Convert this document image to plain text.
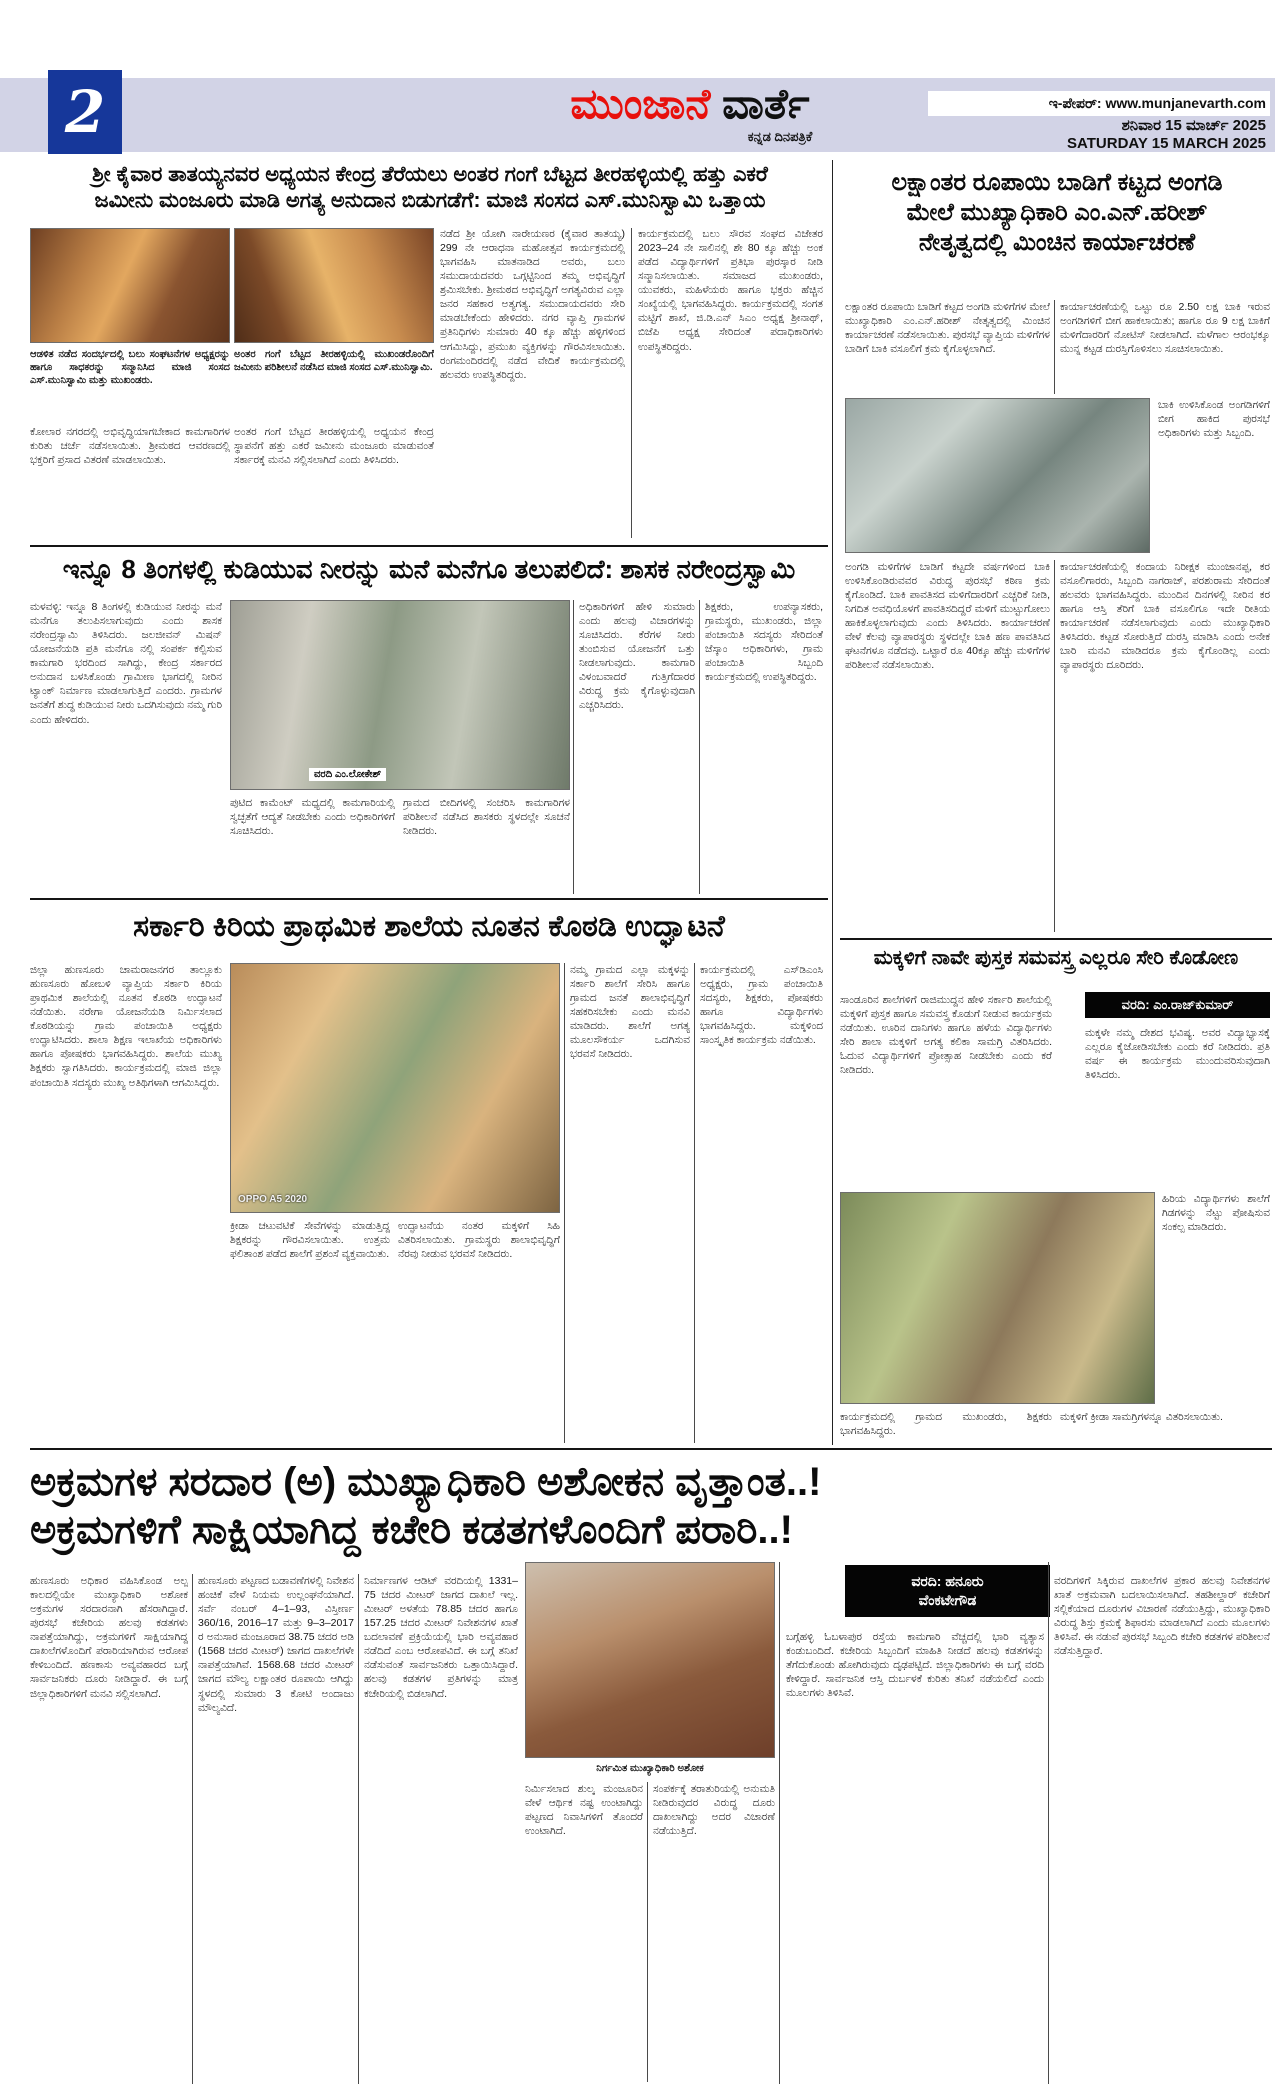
2	ಮುಂಜಾನೆ ವಾರ್ತೆ
ಕನ್ನಡ ದಿನಪತ್ರಿಕೆ
ಇ-ಪೇಪರ್: www.munjanevarth.com
ಶನಿವಾರ 15 ಮಾರ್ಚ್ 2025
SATURDAY 15 MARCH 2025
ಶ್ರೀ ಕೈವಾರ ತಾತಯ್ಯನವರ ಅಧ್ಯಯನ ಕೇಂದ್ರ ತೆರೆಯಲು ಅಂತರ ಗಂಗೆ ಬೆಟ್ಟದ ತೀರಹಳ್ಳಿಯಲ್ಲಿ ಹತ್ತು ಎಕರೆ
ಜಮೀನು ಮಂಜೂರು ಮಾಡಿ ಅಗತ್ಯ ಅನುದಾನ ಬಿಡುಗಡೆಗೆ: ಮಾಜಿ ಸಂಸದ ಎಸ್.ಮುನಿಸ್ವಾಮಿ ಒತ್ತಾಯ
ಆಡಳಿತ ನಡೆದ ಸಂದರ್ಭದಲ್ಲಿ ಬಲು ಸಂಘಟನೆಗಳ ಅಧ್ಯಕ್ಷರನ್ನು ಹಾಗೂ ಸಾಧಕರನ್ನು ಸನ್ಮಾನಿಸಿದ ಮಾಜಿ ಸಂಸದ ಎಸ್.ಮುನಿಸ್ವಾಮಿ ಮತ್ತು ಮುಖಂಡರು.
ಅಂತರ ಗಂಗೆ ಬೆಟ್ಟದ ತೀರಹಳ್ಳಿಯಲ್ಲಿ ಮುಖಂಡರೊಂದಿಗೆ ಜಮೀನು ಪರಿಶೀಲನೆ ನಡೆಸಿದ ಮಾಜಿ ಸಂಸದ ಎಸ್.ಮುನಿಸ್ವಾಮಿ.
ಕೋಲಾರ ನಗರದಲ್ಲಿ ಅಭಿವೃದ್ಧಿಯಾಗಬೇಕಾದ ಕಾಮಗಾರಿಗಳ ಕುರಿತು ಚರ್ಚೆ ನಡೆಸಲಾಯಿತು. ಶ್ರೀಮಠದ ಆವರಣದಲ್ಲಿ ಭಕ್ತರಿಗೆ ಪ್ರಸಾದ ವಿತರಣೆ ಮಾಡಲಾಯಿತು.
ಅಂತರ ಗಂಗೆ ಬೆಟ್ಟದ ತೀರಹಳ್ಳಿಯಲ್ಲಿ ಅಧ್ಯಯನ ಕೇಂದ್ರ ಸ್ಥಾಪನೆಗೆ ಹತ್ತು ಎಕರೆ ಜಮೀನು ಮಂಜೂರು ಮಾಡುವಂತೆ ಸರ್ಕಾರಕ್ಕೆ ಮನವಿ ಸಲ್ಲಿಸಲಾಗಿದೆ ಎಂದು ತಿಳಿಸಿದರು.
ನಡೆದ ಶ್ರೀ ಯೋಗಿ ನಾರೇಯಣರ (ಕೈವಾರ ತಾತಯ್ಯ) 299 ನೇ ಆರಾಧನಾ ಮಹೋತ್ಸವ ಕಾರ್ಯಕ್ರಮದಲ್ಲಿ ಭಾಗವಹಿಸಿ ಮಾತನಾಡಿದ ಅವರು, ಬಲು ಸಮುದಾಯದವರು ಒಗ್ಗಟ್ಟಿನಿಂದ ತಮ್ಮ ಅಭಿವೃದ್ಧಿಗೆ ಶ್ರಮಿಸಬೇಕು. ಶ್ರೀಮಠದ ಅಭಿವೃದ್ಧಿಗೆ ಅಗತ್ಯವಿರುವ ಎಲ್ಲಾ ಜನರ ಸಹಕಾರ ಅತ್ಯಗತ್ಯ. ಸಮುದಾಯದವರು ಸೇರಿ ಮಾಡಬೇಕೆಂದು ಹೇಳಿದರು. ನಗರ ವ್ಯಾಪ್ತಿ ಗ್ರಾಮಗಳ ಪ್ರತಿನಿಧಿಗಳು ಸುಮಾರು 40 ಕ್ಕೂ ಹೆಚ್ಚು ಹಳ್ಳಿಗಳಿಂದ ಆಗಮಿಸಿದ್ದು, ಪ್ರಮುಖ ವ್ಯಕ್ತಿಗಳನ್ನು ಗೌರವಿಸಲಾಯಿತು. ರಂಗಮಂದಿರದಲ್ಲಿ ನಡೆದ ವೇದಿಕೆ ಕಾರ್ಯಕ್ರಮದಲ್ಲಿ ಹಲವರು ಉಪಸ್ಥಿತರಿದ್ದರು.
ಕಾರ್ಯಕ್ರಮದಲ್ಲಿ ಬಲು ಸೌರವ ಸಂಘದ ವಿಜೇತರ 2023–24 ನೇ ಸಾಲಿನಲ್ಲಿ ಶೇ 80 ಕ್ಕೂ ಹೆಚ್ಚು ಅಂಕ ಪಡೆದ ವಿದ್ಯಾರ್ಥಿಗಳಿಗೆ ಪ್ರತಿಭಾ ಪುರಸ್ಕಾರ ನೀಡಿ ಸನ್ಮಾನಿಸಲಾಯಿತು. ಸಮಾಜದ ಮುಖಂಡರು, ಯುವಕರು, ಮಹಿಳೆಯರು ಹಾಗೂ ಭಕ್ತರು ಹೆಚ್ಚಿನ ಸಂಖ್ಯೆಯಲ್ಲಿ ಭಾಗವಹಿಸಿದ್ದರು. ಕಾರ್ಯಕ್ರಮದಲ್ಲಿ ಸಂಗತ ಮಟ್ಟಿಗೆ ಶಾಖೆ, ಜಿ.ಡಿ.ಎನ್ ಸಿಎಂ ಅಧ್ಯಕ್ಷ ಶ್ರೀನಾಥ್, ಬಿಜೆಪಿ ಅಧ್ಯಕ್ಷ ಸೇರಿದಂತೆ ಪದಾಧಿಕಾರಿಗಳು ಉಪಸ್ಥಿತರಿದ್ದರು.
ಲಕ್ಷಾಂತರ ರೂಪಾಯಿ ಬಾಡಿಗೆ ಕಟ್ಟದ ಅಂಗಡಿ
ಮೇಲೆ ಮುಖ್ಯಾಧಿಕಾರಿ ಎಂ.ಎನ್.ಹರೀಶ್
ನೇತೃತ್ವದಲ್ಲಿ ಮಿಂಚಿನ ಕಾರ್ಯಾಚರಣೆ
ಲಕ್ಷಾಂತರ ರೂಪಾಯಿ ಬಾಡಿಗೆ ಕಟ್ಟದ ಅಂಗಡಿ ಮಳಿಗೆಗಳ ಮೇಲೆ ಮುಖ್ಯಾಧಿಕಾರಿ ಎಂ.ಎನ್.ಹರೀಶ್ ನೇತೃತ್ವದಲ್ಲಿ ಮಿಂಚಿನ ಕಾರ್ಯಾಚರಣೆ ನಡೆಸಲಾಯಿತು. ಪುರಸಭೆ ವ್ಯಾಪ್ತಿಯ ಮಳಿಗೆಗಳ ಬಾಡಿಗೆ ಬಾಕಿ ವಸೂಲಿಗೆ ಕ್ರಮ ಕೈಗೊಳ್ಳಲಾಗಿದೆ.
ಕಾರ್ಯಾಚರಣೆಯಲ್ಲಿ ಒಟ್ಟು ರೂ 2.50 ಲಕ್ಷ ಬಾಕಿ ಇರುವ ಅಂಗಡಿಗಳಿಗೆ ಬೀಗ ಹಾಕಲಾಯಿತು; ಹಾಗೂ ರೂ 9 ಲಕ್ಷ ಬಾಕಿಗೆ ಮಳಿಗೆದಾರರಿಗೆ ನೋಟಿಸ್ ನೀಡಲಾಗಿದೆ. ಮಳೆಗಾಲ ಆರಂಭಕ್ಕೂ ಮುನ್ನ ಕಟ್ಟಡ ದುರಸ್ತಿಗೊಳಿಸಲು ಸೂಚಿಸಲಾಯಿತು.
ಬಾಕಿ ಉಳಿಸಿಕೊಂಡ ಅಂಗಡಿಗಳಿಗೆ ಬೀಗ ಹಾಕಿದ ಪುರಸಭೆ ಅಧಿಕಾರಿಗಳು ಮತ್ತು ಸಿಬ್ಬಂದಿ.
ಅಂಗಡಿ ಮಳಿಗೆಗಳ ಬಾಡಿಗೆ ಕಟ್ಟದೇ ವರ್ಷಗಳಿಂದ ಬಾಕಿ ಉಳಿಸಿಕೊಂಡಿರುವವರ ವಿರುದ್ಧ ಪುರಸಭೆ ಕಠಿಣ ಕ್ರಮ ಕೈಗೊಂಡಿದೆ. ಬಾಕಿ ಪಾವತಿಸದ ಮಳಿಗೆದಾರರಿಗೆ ಎಚ್ಚರಿಕೆ ನೀಡಿ, ನಿಗದಿತ ಅವಧಿಯೊಳಗೆ ಪಾವತಿಸದಿದ್ದರೆ ಮಳಿಗೆ ಮುಟ್ಟುಗೋಲು ಹಾಕಿಕೊಳ್ಳಲಾಗುವುದು ಎಂದು ತಿಳಿಸಿದರು. ಕಾರ್ಯಾಚರಣೆ ವೇಳೆ ಕೆಲವು ವ್ಯಾಪಾರಸ್ಥರು ಸ್ಥಳದಲ್ಲೇ ಬಾಕಿ ಹಣ ಪಾವತಿಸಿದ ಘಟನೆಗಳೂ ನಡೆದವು. ಒಟ್ಟಾರೆ ರೂ 40ಕ್ಕೂ ಹೆಚ್ಚು ಮಳಿಗೆಗಳ ಪರಿಶೀಲನೆ ನಡೆಸಲಾಯಿತು.
ಕಾರ್ಯಾಚರಣೆಯಲ್ಲಿ ಕಂದಾಯ ನಿರೀಕ್ಷಕ ಮುಂಜಾನಪ್ಪ, ಕರ ವಸೂಲಿಗಾರರು, ಸಿಬ್ಬಂದಿ ನಾಗರಾಜ್, ಪರಶುರಾಮ ಸೇರಿದಂತೆ ಹಲವರು ಭಾಗವಹಿಸಿದ್ದರು. ಮುಂದಿನ ದಿನಗಳಲ್ಲಿ ನೀರಿನ ಕರ ಹಾಗೂ ಆಸ್ತಿ ತೆರಿಗೆ ಬಾಕಿ ವಸೂಲಿಗೂ ಇದೇ ರೀತಿಯ ಕಾರ್ಯಾಚರಣೆ ನಡೆಸಲಾಗುವುದು ಎಂದು ಮುಖ್ಯಾಧಿಕಾರಿ ತಿಳಿಸಿದರು. ಕಟ್ಟಡ ಸೋರುತ್ತಿದೆ ದುರಸ್ತಿ ಮಾಡಿಸಿ ಎಂದು ಅನೇಕ ಬಾರಿ ಮನವಿ ಮಾಡಿದರೂ ಕ್ರಮ ಕೈಗೊಂಡಿಲ್ಲ ಎಂದು ವ್ಯಾಪಾರಸ್ಥರು ದೂರಿದರು.
ಇನ್ನೂ 8 ತಿಂಗಳಲ್ಲಿ ಕುಡಿಯುವ ನೀರನ್ನು ಮನೆ ಮನೆಗೂ ತಲುಪಲಿದೆ: ಶಾಸಕ ನರೇಂದ್ರಸ್ವಾಮಿ
ಮಳವಳ್ಳಿ: ಇನ್ನೂ 8 ತಿಂಗಳಲ್ಲಿ ಕುಡಿಯುವ ನೀರನ್ನು ಮನೆ ಮನೆಗೂ ತಲುಪಿಸಲಾಗುವುದು ಎಂದು ಶಾಸಕ ನರೇಂದ್ರಸ್ವಾಮಿ ತಿಳಿಸಿದರು. ಜಲಜೀವನ್ ಮಿಷನ್ ಯೋಜನೆಯಡಿ ಪ್ರತಿ ಮನೆಗೂ ನಲ್ಲಿ ಸಂಪರ್ಕ ಕಲ್ಪಿಸುವ ಕಾಮಗಾರಿ ಭರದಿಂದ ಸಾಗಿದ್ದು, ಕೇಂದ್ರ ಸರ್ಕಾರದ ಅನುದಾನ ಬಳಸಿಕೊಂಡು ಗ್ರಾಮೀಣ ಭಾಗದಲ್ಲಿ ನೀರಿನ ಟ್ಯಾಂಕ್ ನಿರ್ಮಾಣ ಮಾಡಲಾಗುತ್ತಿದೆ ಎಂದರು. ಗ್ರಾಮಗಳ ಜನತೆಗೆ ಶುದ್ಧ ಕುಡಿಯುವ ನೀರು ಒದಗಿಸುವುದು ನಮ್ಮ ಗುರಿ ಎಂದು ಹೇಳಿದರು.
ವರದಿ ಎಂ.ಲೋಕೇಶ್
ಪುಟಿದ ಕಾಮೆಂಟ್ ಮಧ್ಯದಲ್ಲಿ ಕಾಮಗಾರಿಯಲ್ಲಿ ಸ್ವಚ್ಛತೆಗೆ ಆದ್ಯತೆ ನೀಡಬೇಕು ಎಂದು ಅಧಿಕಾರಿಗಳಿಗೆ ಸೂಚಿಸಿದರು.
ಗ್ರಾಮದ ಬೀದಿಗಳಲ್ಲಿ ಸಂಚರಿಸಿ ಕಾಮಗಾರಿಗಳ ಪರಿಶೀಲನೆ ನಡೆಸಿದ ಶಾಸಕರು ಸ್ಥಳದಲ್ಲೇ ಸೂಚನೆ ನೀಡಿದರು.
ಅಧಿಕಾರಿಗಳಿಗೆ ಹೇಳಿ ಸುಮಾರು ಎಂದು ಹಲವು ವಿಚಾರಗಳನ್ನು ಸೂಚಿಸಿದರು. ಕೆರೆಗಳ ನೀರು ತುಂಬಿಸುವ ಯೋಜನೆಗೆ ಒತ್ತು ನೀಡಲಾಗುವುದು. ಕಾಮಗಾರಿ ವಿಳಂಬವಾದರೆ ಗುತ್ತಿಗೆದಾರರ ವಿರುದ್ಧ ಕ್ರಮ ಕೈಗೊಳ್ಳುವುದಾಗಿ ಎಚ್ಚರಿಸಿದರು.
ಶಿಕ್ಷಕರು, ಉಪನ್ಯಾಸಕರು, ಗ್ರಾಮಸ್ಥರು, ಮುಖಂಡರು, ಜಿಲ್ಲಾ ಪಂಚಾಯಿತಿ ಸದಸ್ಯರು ಸೇರಿದಂತೆ ಜೆಸ್ಕಾಂ ಅಧಿಕಾರಿಗಳು, ಗ್ರಾಮ ಪಂಚಾಯಿತಿ ಸಿಬ್ಬಂದಿ ಕಾರ್ಯಕ್ರಮದಲ್ಲಿ ಉಪಸ್ಥಿತರಿದ್ದರು.
ಸರ್ಕಾರಿ ಕಿರಿಯ ಪ್ರಾಥಮಿಕ ಶಾಲೆಯ ನೂತನ ಕೊಠಡಿ ಉದ್ಘಾಟನೆ
ಜಿಲ್ಲಾ ಹುಣಸೂರು ಚಾಮರಾಜನಗರ ತಾಲ್ಲೂಕು ಹುಣಸೂರು ಹೋಬಳಿ ವ್ಯಾಪ್ತಿಯ ಸರ್ಕಾರಿ ಕಿರಿಯ ಪ್ರಾಥಮಿಕ ಶಾಲೆಯಲ್ಲಿ ನೂತನ ಕೊಠಡಿ ಉದ್ಘಾಟನೆ ನಡೆಯಿತು. ನರೇಗಾ ಯೋಜನೆಯಡಿ ನಿರ್ಮಿಸಲಾದ ಕೊಠಡಿಯನ್ನು ಗ್ರಾಮ ಪಂಚಾಯಿತಿ ಅಧ್ಯಕ್ಷರು ಉದ್ಘಾಟಿಸಿದರು. ಶಾಲಾ ಶಿಕ್ಷಣ ಇಲಾಖೆಯ ಅಧಿಕಾರಿಗಳು ಹಾಗೂ ಪೋಷಕರು ಭಾಗವಹಿಸಿದ್ದರು. ಶಾಲೆಯ ಮುಖ್ಯ ಶಿಕ್ಷಕರು ಸ್ವಾಗತಿಸಿದರು. ಕಾರ್ಯಕ್ರಮದಲ್ಲಿ ಮಾಜಿ ಜಿಲ್ಲಾ ಪಂಚಾಯಿತಿ ಸದಸ್ಯರು ಮುಖ್ಯ ಅತಿಥಿಗಳಾಗಿ ಆಗಮಿಸಿದ್ದರು.
OPPO A5 2020
ಕ್ರೀಡಾ ಚಟುವಟಿಕೆ ಸೇವೆಗಳನ್ನು ಮಾಡುತ್ತಿದ್ದ ಶಿಕ್ಷಕರನ್ನು ಗೌರವಿಸಲಾಯಿತು. ಉತ್ತಮ ಫಲಿತಾಂಶ ಪಡೆದ ಶಾಲೆಗೆ ಪ್ರಶಂಸೆ ವ್ಯಕ್ತವಾಯಿತು.
ಉದ್ಘಾಟನೆಯ ನಂತರ ಮಕ್ಕಳಿಗೆ ಸಿಹಿ ವಿತರಿಸಲಾಯಿತು. ಗ್ರಾಮಸ್ಥರು ಶಾಲಾಭಿವೃದ್ಧಿಗೆ ನೆರವು ನೀಡುವ ಭರವಸೆ ನೀಡಿದರು.
ನಮ್ಮ ಗ್ರಾಮದ ಎಲ್ಲಾ ಮಕ್ಕಳನ್ನು ಸರ್ಕಾರಿ ಶಾಲೆಗೆ ಸೇರಿಸಿ ಹಾಗೂ ಗ್ರಾಮದ ಜನತೆ ಶಾಲಾಭಿವೃದ್ಧಿಗೆ ಸಹಕರಿಸಬೇಕು ಎಂದು ಮನವಿ ಮಾಡಿದರು. ಶಾಲೆಗೆ ಅಗತ್ಯ ಮೂಲಸೌಕರ್ಯ ಒದಗಿಸುವ ಭರವಸೆ ನೀಡಿದರು.
ಕಾರ್ಯಕ್ರಮದಲ್ಲಿ ಎಸ್‌ಡಿಎಂಸಿ ಅಧ್ಯಕ್ಷರು, ಗ್ರಾಮ ಪಂಚಾಯಿತಿ ಸದಸ್ಯರು, ಶಿಕ್ಷಕರು, ಪೋಷಕರು ಹಾಗೂ ವಿದ್ಯಾರ್ಥಿಗಳು ಭಾಗವಹಿಸಿದ್ದರು. ಮಕ್ಕಳಿಂದ ಸಾಂಸ್ಕೃತಿಕ ಕಾರ್ಯಕ್ರಮ ನಡೆಯಿತು.
ಮಕ್ಕಳಿಗೆ ನಾವೇ ಪುಸ್ತಕ ಸಮವಸ್ತ್ರ ಎಲ್ಲರೂ ಸೇರಿ ಕೊಡೋಣ
ವರದಿ: ಎಂ.ರಾಜ್‌ಕುಮಾರ್
ಸಾಂಡೂರಿನ ಶಾಲೆಗಳಿಗೆ ರಾಜಿಮುದ್ದನ ಹೇಳಿ ಸರ್ಕಾರಿ ಶಾಲೆಯಲ್ಲಿ ಮಕ್ಕಳಿಗೆ ಪುಸ್ತಕ ಹಾಗೂ ಸಮವಸ್ತ್ರ ಕೊಡುಗೆ ನೀಡುವ ಕಾರ್ಯಕ್ರಮ ನಡೆಯಿತು. ಊರಿನ ದಾನಿಗಳು ಹಾಗೂ ಹಳೆಯ ವಿದ್ಯಾರ್ಥಿಗಳು ಸೇರಿ ಶಾಲಾ ಮಕ್ಕಳಿಗೆ ಅಗತ್ಯ ಕಲಿಕಾ ಸಾಮಗ್ರಿ ವಿತರಿಸಿದರು. ಓದುವ ವಿದ್ಯಾರ್ಥಿಗಳಿಗೆ ಪ್ರೋತ್ಸಾಹ ನೀಡಬೇಕು ಎಂದು ಕರೆ ನೀಡಿದರು.
ಮಕ್ಕಳೇ ನಮ್ಮ ದೇಶದ ಭವಿಷ್ಯ. ಅವರ ವಿದ್ಯಾಭ್ಯಾಸಕ್ಕೆ ಎಲ್ಲರೂ ಕೈಜೋಡಿಸಬೇಕು ಎಂದು ಕರೆ ನೀಡಿದರು. ಪ್ರತಿ ವರ್ಷ ಈ ಕಾರ್ಯಕ್ರಮ ಮುಂದುವರಿಸುವುದಾಗಿ ತಿಳಿಸಿದರು.
ಹಿರಿಯ ವಿದ್ಯಾರ್ಥಿಗಳು ಶಾಲೆಗೆ ಗಿಡಗಳನ್ನು ನೆಟ್ಟು ಪೋಷಿಸುವ ಸಂಕಲ್ಪ ಮಾಡಿದರು.
ಕಾರ್ಯಕ್ರಮದಲ್ಲಿ ಗ್ರಾಮದ ಮುಖಂಡರು, ಶಿಕ್ಷಕರು ಭಾಗವಹಿಸಿದ್ದರು.
ಮಕ್ಕಳಿಗೆ ಕ್ರೀಡಾ ಸಾಮಗ್ರಿಗಳನ್ನೂ ವಿತರಿಸಲಾಯಿತು.
ಅಕ್ರಮಗಳ ಸರದಾರ (ಅ) ಮುಖ್ಯಾಧಿಕಾರಿ ಅಶೋಕನ ವೃತ್ತಾಂತ..!
ಅಕ್ರಮಗಳಿಗೆ ಸಾಕ್ಷಿಯಾಗಿದ್ದ ಕಚೇರಿ ಕಡತಗಳೊಂದಿಗೆ ಪರಾರಿ..!
ಹುಣಸೂರು ಅಧಿಕಾರ ವಹಿಸಿಕೊಂಡ ಅಲ್ಪ ಕಾಲದಲ್ಲಿಯೇ ಮುಖ್ಯಾಧಿಕಾರಿ ಅಶೋಕ ಅಕ್ರಮಗಳ ಸರದಾರನಾಗಿ ಹೆಸರಾಗಿದ್ದಾರೆ. ಪುರಸಭೆ ಕಚೇರಿಯ ಹಲವು ಕಡತಗಳು ನಾಪತ್ತೆಯಾಗಿದ್ದು, ಅಕ್ರಮಗಳಿಗೆ ಸಾಕ್ಷಿಯಾಗಿದ್ದ ದಾಖಲೆಗಳೊಂದಿಗೆ ಪರಾರಿಯಾಗಿರುವ ಆರೋಪ ಕೇಳಿಬಂದಿದೆ. ಹಣಕಾಸು ಅವ್ಯವಹಾರದ ಬಗ್ಗೆ ಸಾರ್ವಜನಿಕರು ದೂರು ನೀಡಿದ್ದಾರೆ. ಈ ಬಗ್ಗೆ ಜಿಲ್ಲಾಧಿಕಾರಿಗಳಿಗೆ ಮನವಿ ಸಲ್ಲಿಸಲಾಗಿದೆ.
ಹುಣಸೂರು ಪಟ್ಟಣದ ಬಡಾವಣೆಗಳಲ್ಲಿ ನಿವೇಶನ ಹಂಚಿಕೆ ವೇಳೆ ನಿಯಮ ಉಲ್ಲಂಘನೆಯಾಗಿದೆ. ಸರ್ವೆ ನಂಬರ್ 4–1–93, ವಿಸ್ತೀರ್ಣ 360/16, 2016–17 ಮತ್ತು 9–3–2017 ರ ಅನುಸಾರ ಮಂಜೂರಾದ 38.75 ಚದರ ಅಡಿ (1568 ಚದರ ಮೀಟರ್) ಜಾಗದ ದಾಖಲೆಗಳೇ ನಾಪತ್ತೆಯಾಗಿವೆ. 1568.68 ಚದರ ಮೀಟರ್ ಜಾಗದ ಮೌಲ್ಯ ಲಕ್ಷಾಂತರ ರೂಪಾಯಿ ಆಗಿದ್ದು ಸ್ಥಳದಲ್ಲಿ ಸುಮಾರು 3 ಕೋಟಿ ಅಂದಾಜು ಮೌಲ್ಯವಿದೆ.
ನಿರ್ಮಾಣಗಳ ಆಡಿಟ್ ವರದಿಯಲ್ಲಿ 1331–75 ಚದರ ಮೀಟರ್ ಜಾಗದ ದಾಖಲೆ ಇಲ್ಲ. ಮೀಟರ್ ಅಳತೆಯ 78.85 ಚದರ ಹಾಗೂ 157.25 ಚದರ ಮೀಟರ್ ನಿವೇಶನಗಳ ಖಾತೆ ಬದಲಾವಣೆ ಪ್ರಕ್ರಿಯೆಯಲ್ಲಿ ಭಾರಿ ಅವ್ಯವಹಾರ ನಡೆದಿದೆ ಎಂಬ ಆರೋಪವಿದೆ. ಈ ಬಗ್ಗೆ ತನಿಖೆ ನಡೆಸುವಂತೆ ಸಾರ್ವಜನಿಕರು ಒತ್ತಾಯಿಸಿದ್ದಾರೆ. ಹಲವು ಕಡತಗಳ ಪ್ರತಿಗಳನ್ನು ಮಾತ್ರ ಕಚೇರಿಯಲ್ಲಿ ಬಿಡಲಾಗಿದೆ.
ನಿರ್ಗಮಿತ ಮುಖ್ಯಾಧಿಕಾರಿ ಅಶೋಕ
ನಿರ್ಮಿಸಲಾದ ಶುಲ್ಕ ಮಂಜೂರಿನ ವೇಳೆ ಆರ್ಥಿಕ ನಷ್ಟ ಉಂಟಾಗಿದ್ದು ಪಟ್ಟಣದ ನಿವಾಸಿಗಳಿಗೆ ತೊಂದರೆ ಉಂಟಾಗಿದೆ.
ಸಂಪರ್ಕಕ್ಕೆ ತರಾತುರಿಯಲ್ಲಿ ಅನುಮತಿ ನೀಡಿರುವುದರ ವಿರುದ್ಧ ದೂರು ದಾಖಲಾಗಿದ್ದು ಅದರ ವಿಚಾರಣೆ ನಡೆಯುತ್ತಿದೆ.
ವರದಿ: ಹನೂರು
ವೆಂಕಟೇಗೌಡ
ಬಗ್ಗೆಹಳ್ಳಿ ಓಬಳಾಪುರ ರಸ್ತೆಯ ಕಾಮಗಾರಿ ವೆಚ್ಚದಲ್ಲಿ ಭಾರಿ ವ್ಯತ್ಯಾಸ ಕಂಡುಬಂದಿದೆ. ಕಚೇರಿಯ ಸಿಬ್ಬಂದಿಗೆ ಮಾಹಿತಿ ನೀಡದೆ ಹಲವು ಕಡತಗಳನ್ನು ತೆಗೆದುಕೊಂಡು ಹೋಗಿರುವುದು ದೃಢಪಟ್ಟಿದೆ. ಜಿಲ್ಲಾಧಿಕಾರಿಗಳು ಈ ಬಗ್ಗೆ ವರದಿ ಕೇಳಿದ್ದಾರೆ. ಸಾರ್ವಜನಿಕ ಆಸ್ತಿ ದುರ್ಬಳಕೆ ಕುರಿತು ತನಿಖೆ ನಡೆಯಲಿದೆ ಎಂದು ಮೂಲಗಳು ತಿಳಿಸಿವೆ.
ವರದಿಗಳಿಗೆ ಸಿಕ್ಕಿರುವ ದಾಖಲೆಗಳ ಪ್ರಕಾರ ಹಲವು ನಿವೇಶನಗಳ ಖಾತೆ ಅಕ್ರಮವಾಗಿ ಬದಲಾಯಿಸಲಾಗಿದೆ. ತಹಶೀಲ್ದಾರ್ ಕಚೇರಿಗೆ ಸಲ್ಲಿಕೆಯಾದ ದೂರುಗಳ ವಿಚಾರಣೆ ನಡೆಯುತ್ತಿದ್ದು, ಮುಖ್ಯಾಧಿಕಾರಿ ವಿರುದ್ಧ ಶಿಸ್ತು ಕ್ರಮಕ್ಕೆ ಶಿಫಾರಸು ಮಾಡಲಾಗಿದೆ ಎಂದು ಮೂಲಗಳು ತಿಳಿಸಿವೆ. ಈ ನಡುವೆ ಪುರಸಭೆ ಸಿಬ್ಬಂದಿ ಕಚೇರಿ ಕಡತಗಳ ಪರಿಶೀಲನೆ ನಡೆಸುತ್ತಿದ್ದಾರೆ.
